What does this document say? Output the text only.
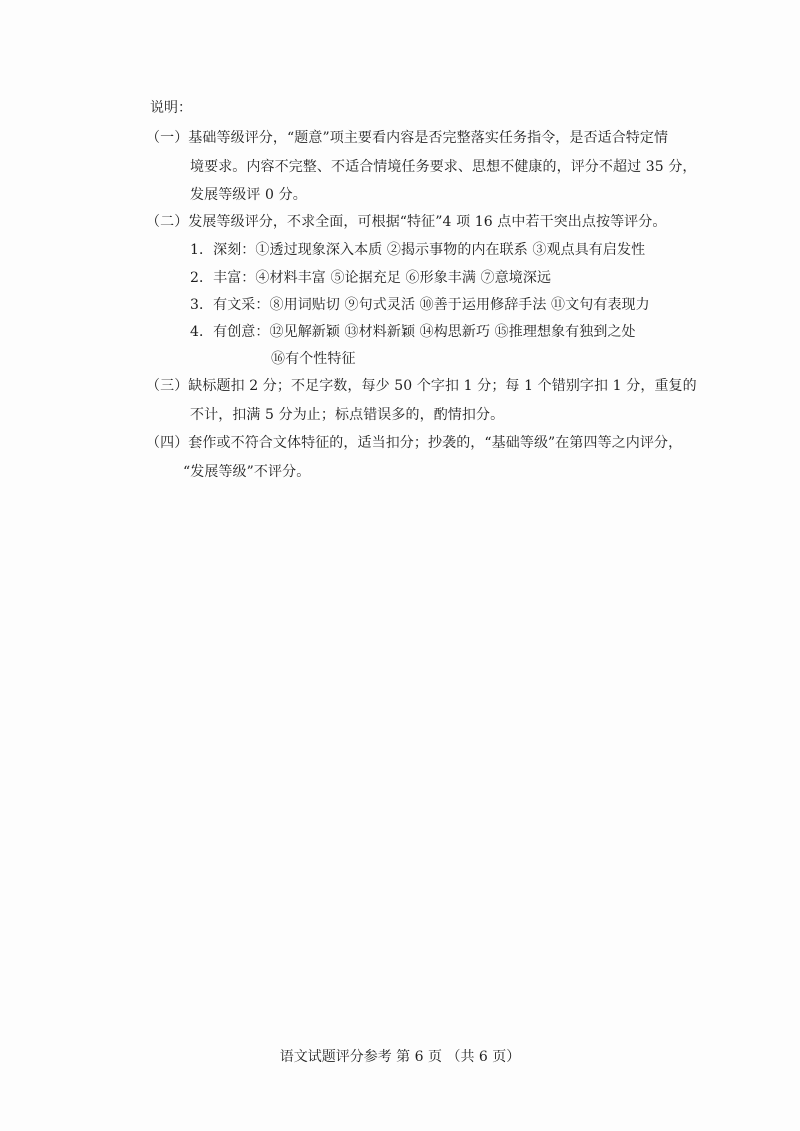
说明：
（一）基础等级评分，“题意”项主要看内容是否完整落实任务指令，是否适合特定情
境要求。内容不完整、不适合情境任务要求、思想不健康的，评分不超过 35 分，
发展等级评 0 分。
（二）发展等级评分，不求全面，可根据“特征”4 项 16 点中若干突出点按等评分。
1．深刻：①透过现象深入本质 ②揭示事物的内在联系 ③观点具有启发性
2．丰富：④材料丰富 ⑤论据充足 ⑥形象丰满 ⑦意境深远
3．有文采：⑧用词贴切 ⑨句式灵活 ⑩善于运用修辞手法 ⑪文句有表现力
4．有创意：⑫见解新颖 ⑬材料新颖 ⑭构思新巧 ⑮推理想象有独到之处
⑯有个性特征
（三）缺标题扣 2 分；不足字数，每少 50 个字扣 1 分；每 1 个错别字扣 1 分，重复的
不计，扣满 5 分为止；标点错误多的，酌情扣分。
（四）套作或不符合文体特征的，适当扣分；抄袭的，“基础等级”在第四等之内评分，
“发展等级”不评分。
语文试题评分参考 第 6 页 （共 6 页）
